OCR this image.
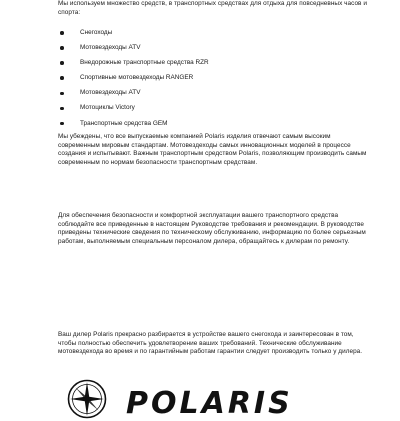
Мы используем множество средств, в транспортных средствах для отдыха для повседневных часов и спорта:

Снегоходы
Мотовездеходы ATV
Внедорожные транспортные средства RZR
Спортивные мотовездеходы RANGER
Мотовездеходы ATV
Мотоциклы Victory
Транспортные средства GEM

Мы убеждены, что все выпускаемые компанией Polaris изделия отвечают самым высоким современным мировым стандартам. Мотовездеходы самых инновационных моделей в процессе создания и испытывают. Важным транспортным средством Polaris, позволяющим производить самым современным по нормам безопасности транспортным средствам.

Для обеспечения безопасности и комфортной эксплуатации вашего транспортного средства соблюдайте все приведенные в настоящем Руководстве требования и рекомендации. В руководстве приведены технические сведения по техническому обслуживанию, информацию по более серьезным работам, выполняемым специальным персоналом дилера, обращайтесь к дилерам по ремонту.

Ваш дилер Polaris прекрасно разбирается в устройстве вашего снегохода и заинтересован в том, чтобы полностью обеспечить удовлетворение ваших требований. Технические обслуживание мотовездехода во время и по гарантийным работам гарантии следует производить только у дилера.

POLARIS
